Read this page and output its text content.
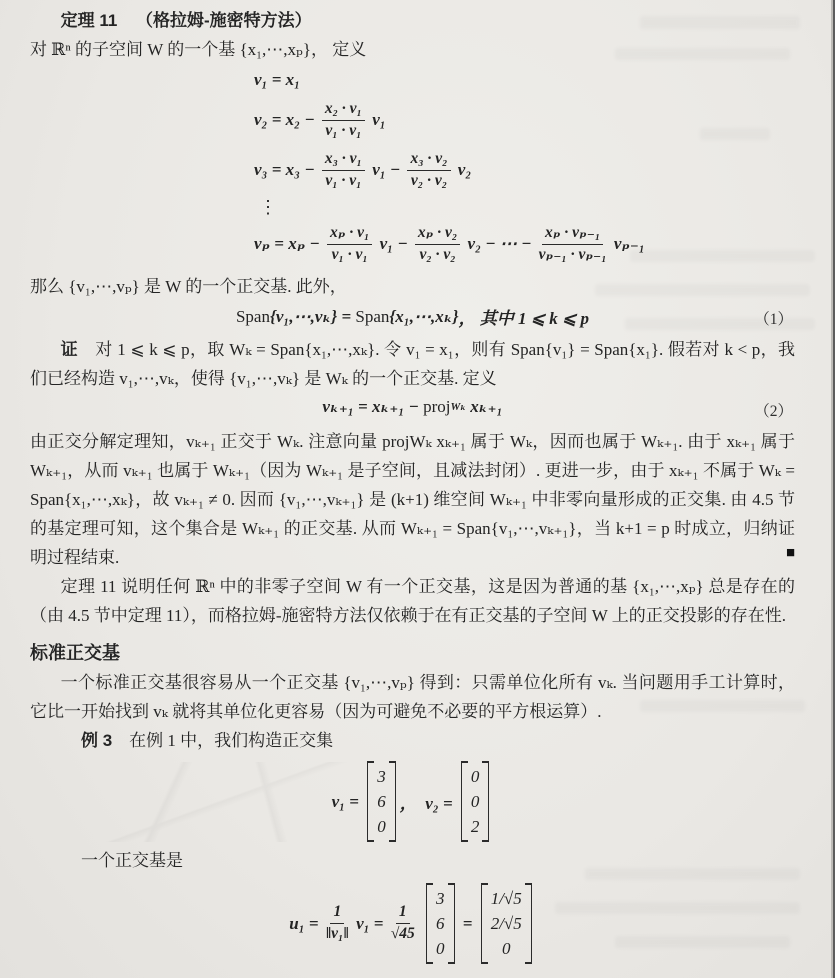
定理 11 （格拉姆-施密特方法）

对 ℝⁿ 的子空间 W 的一个基 {x₁,⋯,xₚ}， 定义

v₁ = x₁
$v_2 = x_2 - \frac{\text{x₂ · v₁}}{\text{v₁ · v₁}} v_1$
$v_3 = x_3 - \frac{\text{x₃ · v₁}}{\text{v₁ · v₁}} v_1 - \frac{\text{x₃ · v₂}}{\text{v₂ · v₂}} v_2$
⋮
$v_p = x_p - \frac{\text{xₚ · v₁}}{\text{v₁ · v₁}} v_1 - \frac{\text{xₚ · v₂}}{\text{v₂ · v₂}} v_2$ − ⋯ − $\frac{\text{xₚ · vₚ₋₁}}{\text{vₚ₋₁ · vₚ₋₁}} v_{p-1}$

那么 {v₁,⋯,vₚ} 是 W 的一个正交基. 此外，

Span {v₁,⋯,vₖ} = Span {x₁,⋯,xₖ} ， 其中 1 ⩽ k ⩽ p	（1）

证　对 1 ⩽ k ⩽ p，取 Wₖ = Span{x₁,⋯,xₖ}. 令 v₁ = x₁，则有 Span{v₁} = Span{x₁}. 假若对 k < p，我们已经构造 v₁,⋯,vₖ，使得 {v₁,⋯,vₖ} 是 Wₖ 的一个正交基. 定义

vₖ₊₁ = xₖ₊₁ − proj Wₖ xₖ₊₁	（2）

由正交分解定理知，vₖ₊₁ 正交于 Wₖ. 注意向量 projWₖ xₖ₊₁ 属于 Wₖ，因而也属于 Wₖ₊₁. 由于 xₖ₊₁ 属于 Wₖ₊₁，从而 vₖ₊₁ 也属于 Wₖ₊₁（因为 Wₖ₊₁ 是子空间，且减法封闭）. 更进一步，由于 xₖ₊₁ 不属于 Wₖ = Span{x₁,⋯,xₖ}，故 vₖ₊₁ ≠ 0. 因而 {v₁,⋯,vₖ₊₁} 是 (k+1) 维空间 Wₖ₊₁ 中非零向量形成的正交集. 由 4.5 节的基定理可知，这个集合是 Wₖ₊₁ 的正交基. 从而 Wₖ₊₁ = Span{v₁,⋯,vₖ₊₁}，当 k+1 = p 时成立，归纳证明过程结束.	■

定理 11 说明任何 ℝⁿ 中的非零子空间 W 有一个正交基，这是因为普通的基 {x₁,⋯,xₚ} 总是存在的（由 4.5 节中定理 11），而格拉姆-施密特方法仅依赖于在有正交基的子空间 W 上的正交投影的存在性.

标准正交基

一个标准正交基很容易从一个正交基 {v₁,⋯,vₚ} 得到：只需单位化所有 vₖ. 当问题用手工计算时，它比一开始找到 vₖ 就将其单位化更容易（因为可避免不必要的平方根运算）.

例 3　在例 1 中，我们构造正交集

v₁ =
3
6
0
，  v₂ =
0
0
2

一个正交基是

$u_1 = \frac{1}{\text{‖v₁‖}} v_1 = \frac{1}{√45}$

3
6
0
=
1/√5
2/√5
0
